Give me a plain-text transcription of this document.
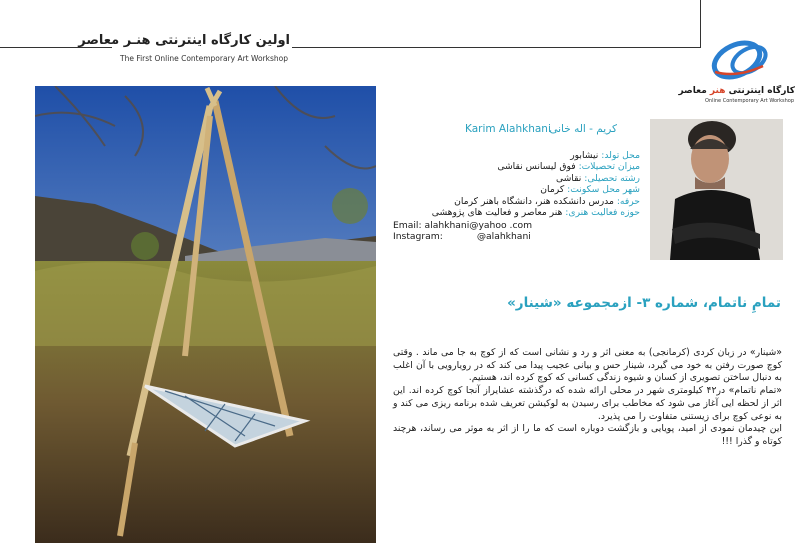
اولین کارگاه اینترنتی هنـر معاصر
The First Online Contemporary Art Workshop
کارگاه اینترنتی هنر معاصر
Online Contemporary Art Workshop
کریم - اله خانی
Karim Alahkhani
محل تولد: نیشابور
میزان تحصیلات: فوق لیسانس نقاشی
رشته تحصیلی: نقاشی
شهر محل سکونت: کرمان
حرفه: مدرس دانشکده هنر، دانشگاه باهنر کرمان
حوزه فعالیت هنری: هنر معاصر و فعالیت های پژوهشی
Email: alahkhani@yahoo .com
Instagram:	@alahkhani
تمامِ ناتمام، شماره ۳- ازمجموعه «شینار»

«شینار» در زبان کردی (کرمانجی) به معنی اثر و رد و نشانی است که از کوچ به جا می ماند . وقتی کوچ صورت رفتن به خود می گیرد، شینار حس و بیانی عجیب پیدا می کند که در رویارویی با آن اغلب به دنبال ساختن تصویری از کسان و شیوه زندگی کسانی که کوچ کرده اند، هستیم.

«تمام ناتمام» در۴۲ کیلومتری شهر در محلی ارائه شده که درگذشته عشایراز آنجا کوچ کرده اند. این اثر از لحظه ایی آغاز می شود که مخاطب برای رسیدن به لوکیشن تعریف شده برنامه ریزی می کند و به نوعی کوچ برای زیستنی متفاوت را می پذیرد.

این چیدمان نمودی از امید، پویایی و بازگشت دوباره است که ما را از اثر به موثر می رساند، هرچند کوتاه و گذرا !!!
